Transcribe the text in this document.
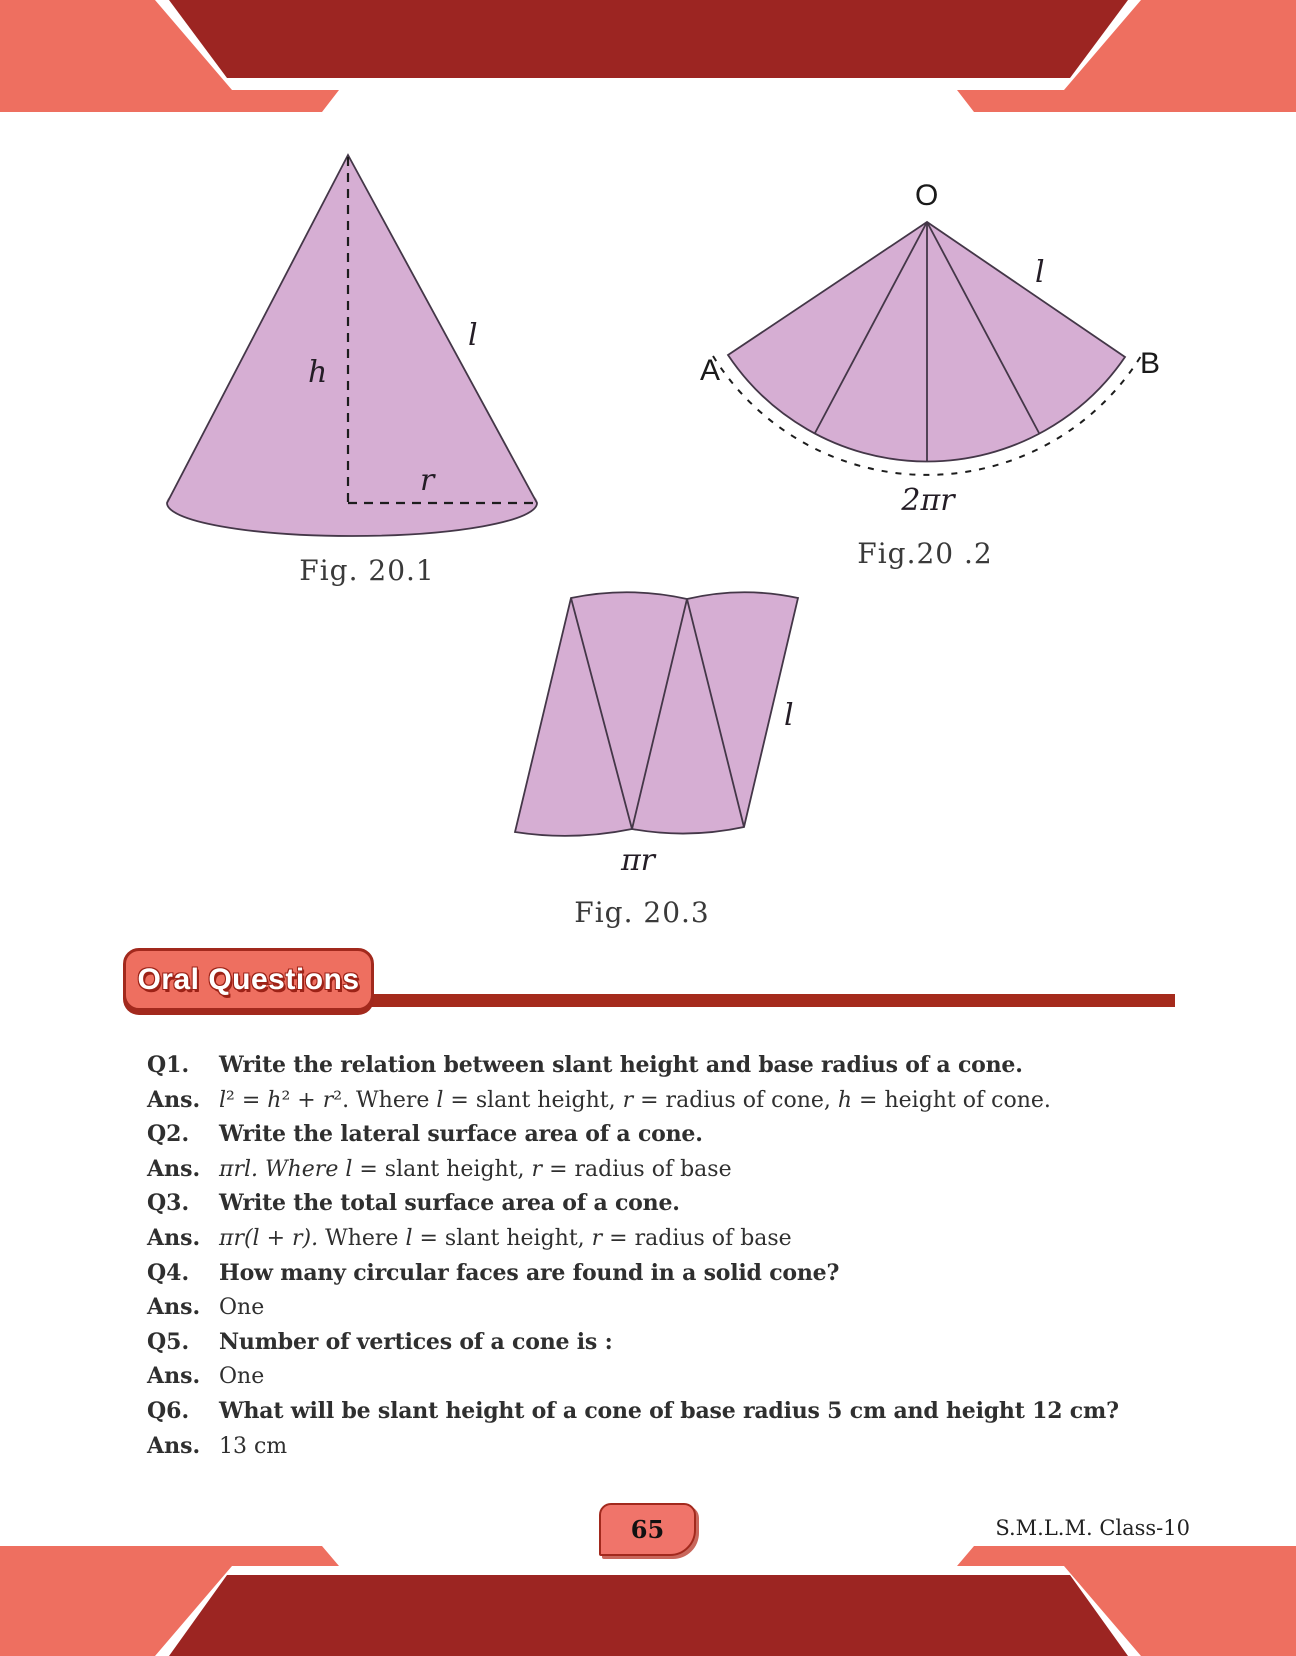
h
l
r
Fig. 20.1
O
A	B
l
2πr
Fig.20 .2
l
πr
Fig. 20.3
Oral Questions
Q1. Write the relation between slant height and base radius of a cone.
Ans. l² = h² + r². Where l = slant height, r = radius of cone, h = height of cone.
Q2. Write the lateral surface area of a cone.
Ans. πrl. Where l = slant height, r = radius of base
Q3. Write the total surface area of a cone.
Ans. πr(l + r). Where l = slant height, r = radius of base
Q4. How many circular faces are found in a solid cone?
Ans. One
Q5. Number of vertices of a cone is :
Ans. One
Q6. What will be slant height of a cone of base radius 5 cm and height 12 cm?
Ans. 13 cm
65	S.M.L.M. Class-10
